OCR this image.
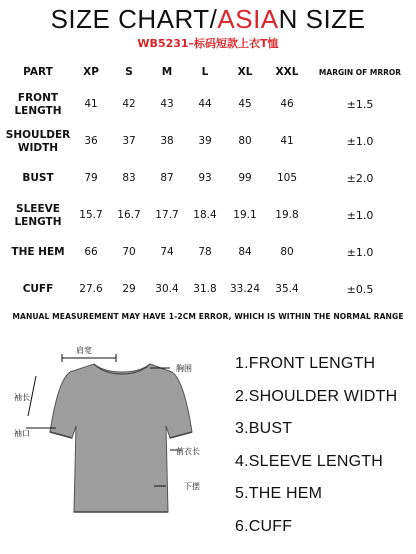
SIZE CHART/ASIAN SIZE
WB5231–标码短款上衣T恤
PART	XP	S	M	L	XL	XXL	MARGIN OF MRROR
FRONT LENGTH	41	42	43	44	45	46	±1.5
SHOULDER WIDTH	36	37	38	39	80	41	±1.0
BUST	79	83	87	93	99	105	±2.0
SLEEVE LENGTH	15.7	16.7	17.7	18.4	19.1	19.8	±1.0
THE HEM	66	70	74	78	84	80	±1.0
CUFF	27.6	29	30.4	31.8	33.24	35.4	±0.5
MANUAL MEASUREMENT MAY HAVE 1-2CM ERROR, WHICH IS WITHIN THE NORMAL RANGE
肩宽
胸围
袖长
袖口
前衣长
下摆
1.FRONT LENGTH
2.SHOULDER WIDTH
3.BUST
4.SLEEVE LENGTH
5.THE HEM
6.CUFF
